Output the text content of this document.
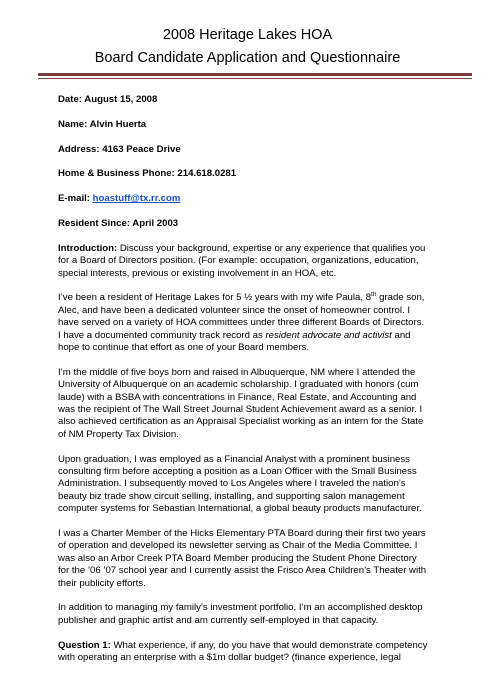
2008 Heritage Lakes HOA
Board Candidate Application and Questionnaire
Date: August 15, 2008
Name: Alvin Huerta
Address: 4163 Peace Drive
Home & Business Phone: 214.618.0281
E-mail: hoastuff@tx.rr.com
Resident Since: April 2003

Introduction: Discuss your background, expertise or any experience that qualifies you
for a Board of Directors position. (For example: occupation, organizations, education,
special interests, previous or existing involvement in an HOA, etc.

I’ve been a resident of Heritage Lakes for 5 ½ years with my wife Paula, 8th grade son,
Alec, and have been a dedicated volunteer since the onset of homeowner control. I
have served on a variety of HOA committees under three different Boards of Directors.
I have a documented community track record as resident advocate and activist and
hope to continue that effort as one of your Board members.

I’m the middle of five boys born and raised in Albuquerque, NM where I attended the
University of Albuquerque on an academic scholarship. I graduated with honors (cum
laude) with a BSBA with concentrations in Finance, Real Estate, and Accounting and
was the recipient of The Wall Street Journal Student Achievement award as a senior. I
also achieved certification as an Appraisal Specialist working as an intern for the State
of NM Property Tax Division.

Upon graduation, I was employed as a Financial Analyst with a prominent business
consulting firm before accepting a position as a Loan Officer with the Small Business
Administration. I subsequently moved to Los Angeles where I traveled the nation’s
beauty biz trade show circuit selling, installing, and supporting salon management
computer systems for Sebastian International, a global beauty products manufacturer.

I was a Charter Member of the Hicks Elementary PTA Board during their first two years
of operation and developed its newsletter serving as Chair of the Media Committee. I
was also an Arbor Creek PTA Board Member producing the Student Phone Directory
for the ’06 ’07 school year and I currently assist the Frisco Area Children’s Theater with
their publicity efforts.

In addition to managing my family’s investment portfolio, I’m an accomplished desktop
publisher and graphic artist and am currently self-employed in that capacity.

Question 1: What experience, if any, do you have that would demonstrate competency
with operating an enterprise with a $1m dollar budget? (finance experience, legal
